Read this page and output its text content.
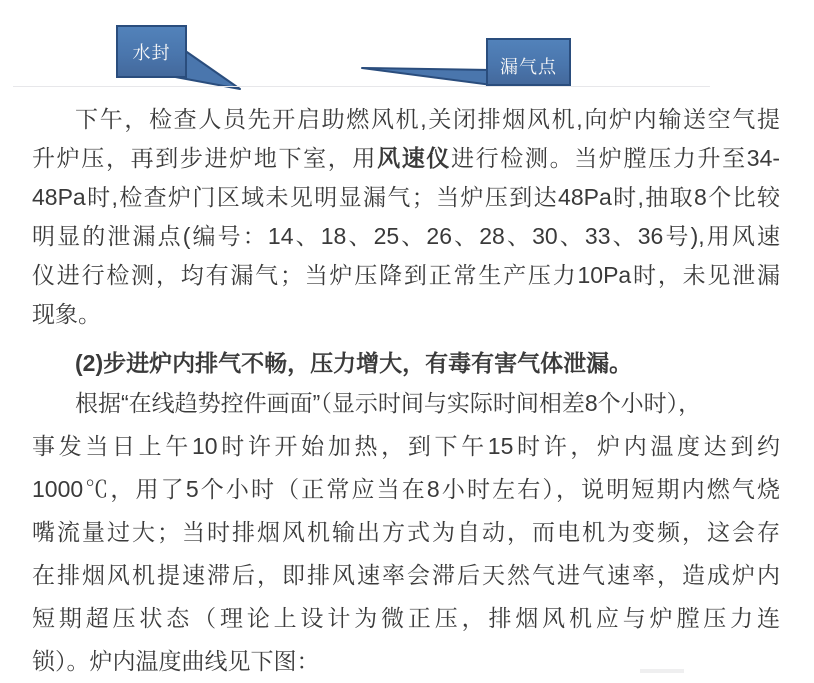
水封
漏气点
下午，检查人员先开启助燃风机,关闭排烟风机,向炉内输送空气提
升炉压，再到步进炉地下室，用风速仪进行检测。当炉膛压力升至34-
48Pa时,检查炉门区域未见明显漏气；当炉压到达48Pa时,抽取8个比较
明显的泄漏点(编号：14、18、25、26、28、30、33、36号),用风速
仪进行检测，均有漏气；当炉压降到正常生产压力10Pa时，未见泄漏
现象。
(2)步进炉内排气不畅，压力增大，有毒有害气体泄漏。
根据“在线趋势控件画面”（显示时间与实际时间相差8个小时），
事发当日上午10时许开始加热，到下午15时许，炉内温度达到约
1000℃，用了5个小时（正常应当在8小时左右），说明短期内燃气烧
嘴流量过大；当时排烟风机输出方式为自动，而电机为变频，这会存
在排烟风机提速滞后，即排风速率会滞后天然气进气速率，造成炉内
短期超压状态（理论上设计为微正压，排烟风机应与炉膛压力连
锁）。炉内温度曲线见下图：
